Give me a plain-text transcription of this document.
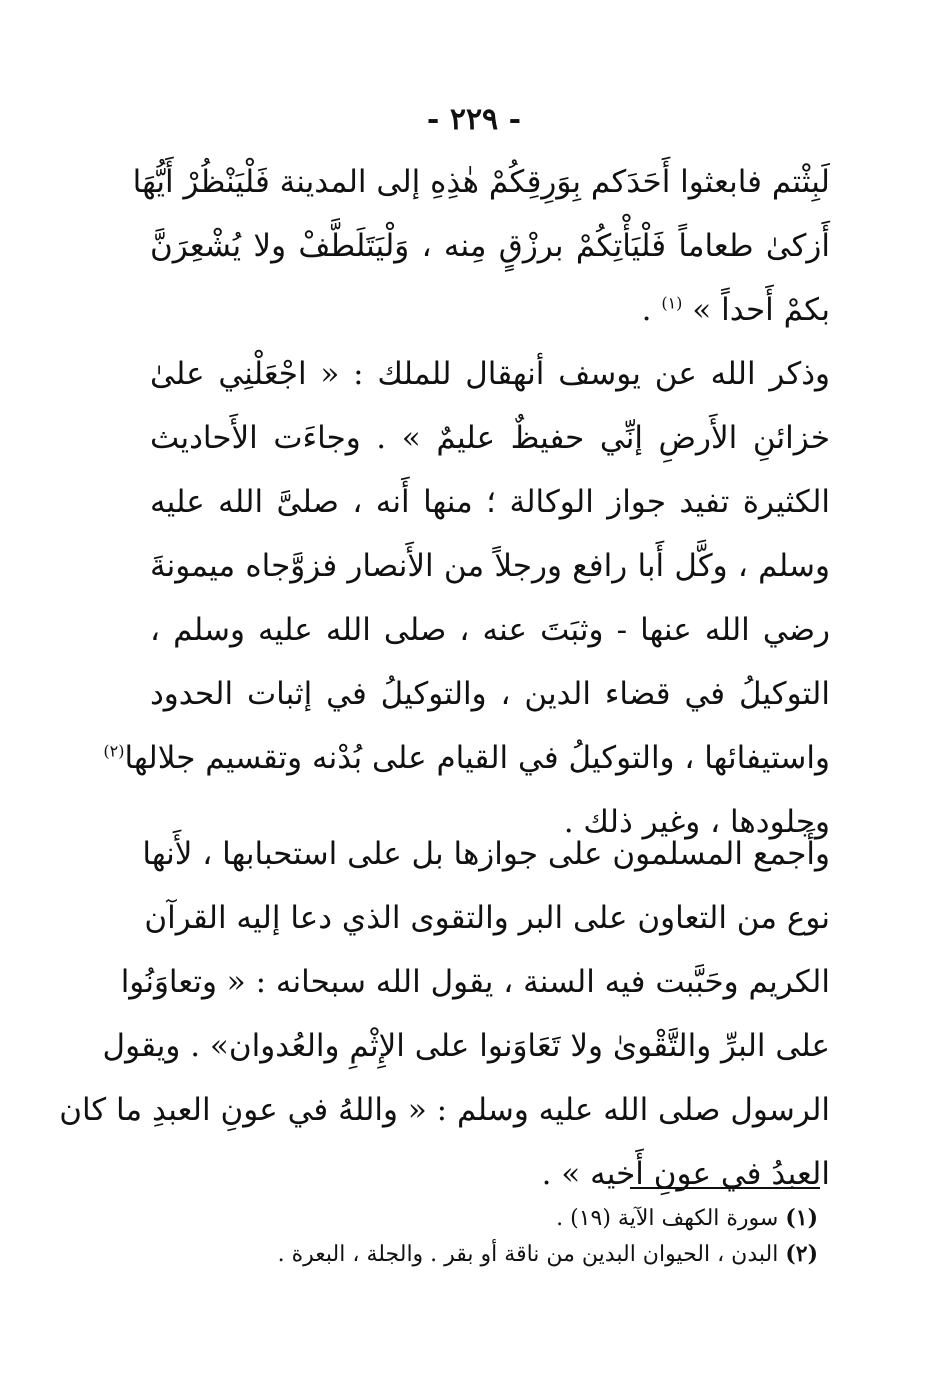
- ٢٢٩ -
لَبِثْتم فابعثوا أَحَدَكم بِوَرِقِكُمْ هٰذِهِ إلى المدينة فَلْيَنْظُرْ أَيُّهَا
أَزكىٰ طعاماً فَلْيَأْتِكُمْ برزْقٍ مِنه ، وَلْيَتَلَطَّفْ ولا يُشْعِرَنَّ
بكمْ أَحداً » $^{(١)}$ .
وذكر الله عن يوسف أنهقال للملك : « اجْعَلْنِي علىٰ
خزائنِ الأَرضِ إنِّي حفيظٌ عليمٌ » . وجاءَت الأَحاديث
الكثيرة تفيد جواز الوكالة ؛ منها أَنه ، صلىَّ الله عليه
وسلم ، وكَّل أَبا رافع ورجلاً من الأَنصار فزوَّجاه ميمونةَ
رضي الله عنها - وثبَتَ عنه ، صلى الله عليه وسلم ،
التوكيلُ في قضاء الدين ، والتوكيلُ في إثبات الحدود
واستيفائها ، والتوكيلُ في القيام على بُدْنه وتقسيم جلالها$^{(٢)}$
وجلودها ، وغير ذلك .
وأَجمع المسلمون على جوازها بل على استحبابها ، لأَنها
نوع من التعاون على البر والتقوى الذي دعا إليه القرآن
الكريم وحَبَّبت فيه السنة ، يقول الله سبحانه : « وتعاوَنُوا
على البرِّ والتَّقْوىٰ ولا تَعَاوَنوا على الإِثْمِ والعُدوان» . ويقول
الرسول صلى الله عليه وسلم : « واللهُ في عونِ العبدِ ما كان
العبدُ في عونِ أَخيه » .
(١) سورة الكهف الآية (١٩) .
(٢) البدن ، الحيوان البدين من ناقة أو بقر . والجلة ، البعرة .
